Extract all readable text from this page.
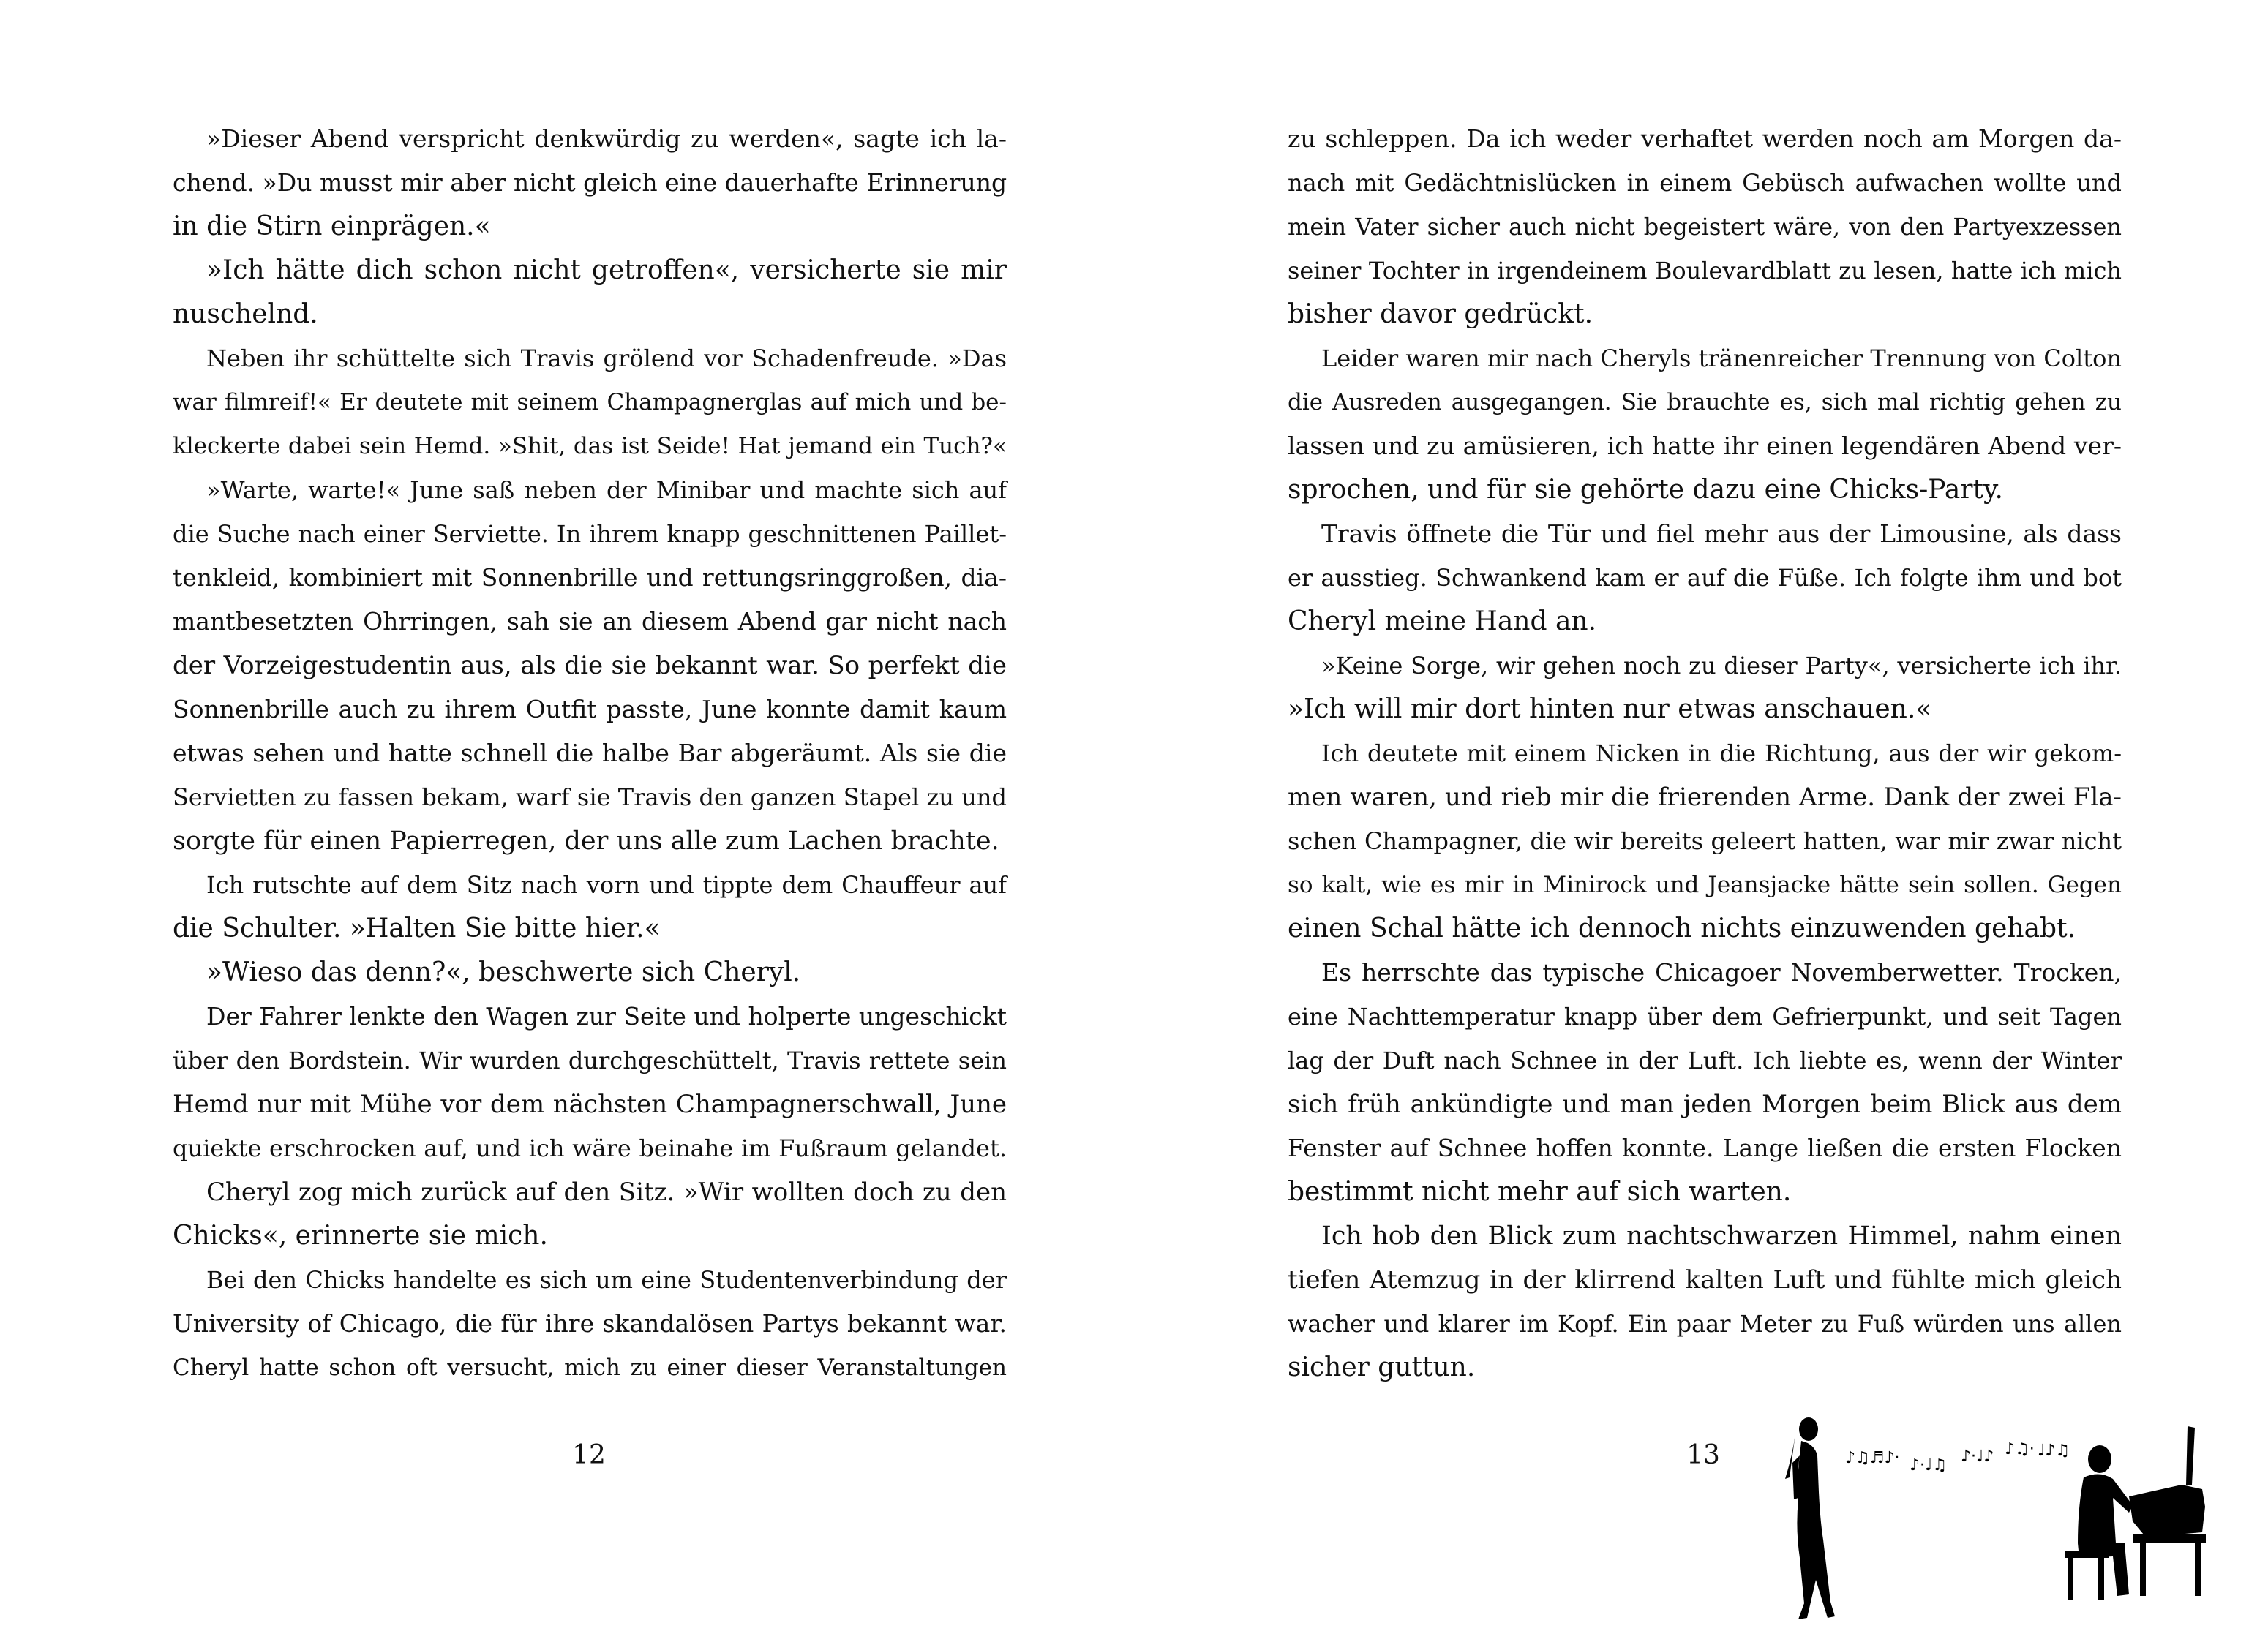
»Dieser Abend verspricht denkwürdig zu werden«, sagte ich la-
chend. »Du musst mir aber nicht gleich eine dauerhafte Erinnerung
in die Stirn einprägen.«
»Ich hätte dich schon nicht getroffen«, versicherte sie mir
nuschelnd.
Neben ihr schüttelte sich Travis grölend vor Schadenfreude. »Das
war filmreif!« Er deutete mit seinem Champagnerglas auf mich und be-
kleckerte dabei sein Hemd. »Shit, das ist Seide! Hat jemand ein Tuch?«
»Warte, warte!« June saß neben der Minibar und machte sich auf
die Suche nach einer Serviette. In ihrem knapp geschnittenen Paillet-
tenkleid, kombiniert mit Sonnenbrille und rettungsringgroßen, dia-
mantbesetzten Ohrringen, sah sie an diesem Abend gar nicht nach
der Vorzeigestudentin aus, als die sie bekannt war. So perfekt die
Sonnenbrille auch zu ihrem Outfit passte, June konnte damit kaum
etwas sehen und hatte schnell die halbe Bar abgeräumt. Als sie die
Servietten zu fassen bekam, warf sie Travis den ganzen Stapel zu und
sorgte für einen Papierregen, der uns alle zum Lachen brachte.
Ich rutschte auf dem Sitz nach vorn und tippte dem Chauffeur auf
die Schulter. »Halten Sie bitte hier.«
»Wieso das denn?«, beschwerte sich Cheryl.
Der Fahrer lenkte den Wagen zur Seite und holperte ungeschickt
über den Bordstein. Wir wurden durchgeschüttelt, Travis rettete sein
Hemd nur mit Mühe vor dem nächsten Champagnerschwall, June
quiekte erschrocken auf, und ich wäre beinahe im Fußraum gelandet.
Cheryl zog mich zurück auf den Sitz. »Wir wollten doch zu den
Chicks«, erinnerte sie mich.
Bei den Chicks handelte es sich um eine Studentenverbindung der
University of Chicago, die für ihre skandalösen Partys bekannt war.
Cheryl hatte schon oft versucht, mich zu einer dieser Veranstaltungen
12
zu schleppen. Da ich weder verhaftet werden noch am Morgen da-
nach mit Gedächtnislücken in einem Gebüsch aufwachen wollte und
mein Vater sicher auch nicht begeistert wäre, von den Partyexzessen
seiner Tochter in irgendeinem Boulevardblatt zu lesen, hatte ich mich
bisher davor gedrückt.
Leider waren mir nach Cheryls tränenreicher Trennung von Colton
die Ausreden ausgegangen. Sie brauchte es, sich mal richtig gehen zu
lassen und zu amüsieren, ich hatte ihr einen legendären Abend ver-
sprochen, und für sie gehörte dazu eine Chicks-Party.
Travis öffnete die Tür und fiel mehr aus der Limousine, als dass
er ausstieg. Schwankend kam er auf die Füße. Ich folgte ihm und bot
Cheryl meine Hand an.
»Keine Sorge, wir gehen noch zu dieser Party«, versicherte ich ihr.
»Ich will mir dort hinten nur etwas anschauen.«
Ich deutete mit einem Nicken in die Richtung, aus der wir gekom-
men waren, und rieb mir die frierenden Arme. Dank der zwei Fla-
schen Champagner, die wir bereits geleert hatten, war mir zwar nicht
so kalt, wie es mir in Minirock und Jeansjacke hätte sein sollen. Gegen
einen Schal hätte ich dennoch nichts einzuwenden gehabt.
Es herrschte das typische Chicagoer Novemberwetter. Trocken,
eine Nachttemperatur knapp über dem Gefrierpunkt, und seit Tagen
lag der Duft nach Schnee in der Luft. Ich liebte es, wenn der Winter
sich früh ankündigte und man jeden Morgen beim Blick aus dem
Fenster auf Schnee hoffen konnte. Lange ließen die ersten Flocken
bestimmt nicht mehr auf sich warten.
Ich hob den Blick zum nachtschwarzen Himmel, nahm einen
tiefen Atemzug in der klirrend kalten Luft und fühlte mich gleich
wacher und klarer im Kopf. Ein paar Meter zu Fuß würden uns allen
sicher guttun.
13	♪♫♬♪· ♪·♩♫ ♪·♩♪ ♪♫· ♩♪♫
